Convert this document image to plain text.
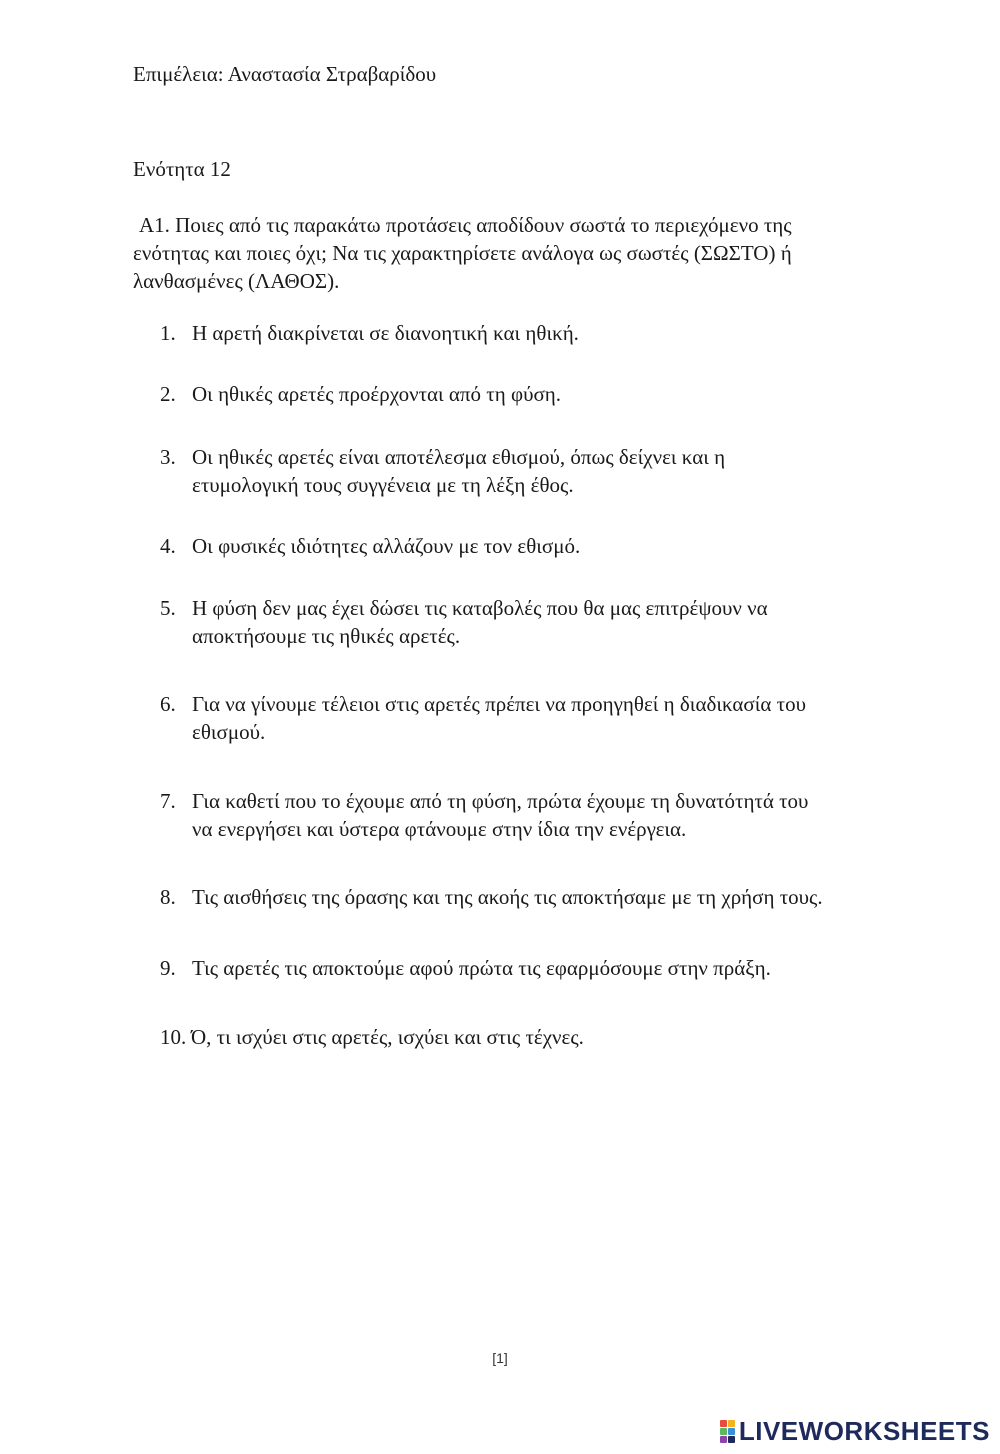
Επιμέλεια: Αναστασία Στραβαρίδου
Ενότητα 12

Α1. Ποιες από τις παρακάτω προτάσεις αποδίδουν σωστά το περιεχόμενο της

ενότητας και ποιες όχι; Να τις χαρακτηρίσετε ανάλογα ως σωστές (ΣΩΣΤΟ) ή

λανθασμένες (ΛΑΘΟΣ).

1. Η αρετή διακρίνεται σε διανοητική και ηθική.

2. Οι ηθικές αρετές προέρχονται από τη φύση.

3. Οι ηθικές αρετές είναι αποτέλεσμα εθισμού, όπως δείχνει και η

ετυμολογική τους συγγένεια με τη λέξη έθος.

4. Οι φυσικές ιδιότητες αλλάζουν με τον εθισμό.

5. Η φύση δεν μας έχει δώσει τις καταβολές που θα μας επιτρέψουν να

αποκτήσουμε τις ηθικές αρετές.

6. Για να γίνουμε τέλειοι στις αρετές πρέπει να προηγηθεί η διαδικασία του

εθισμού.

7. Για καθετί που το έχουμε από τη φύση, πρώτα έχουμε τη δυνατότητά του

να ενεργήσει και ύστερα φτάνουμε στην ίδια την ενέργεια.

8. Τις αισθήσεις της όρασης και της ακοής τις αποκτήσαμε με τη χρήση τους.

9. Τις αρετές τις αποκτούμε αφού πρώτα τις εφαρμόσουμε στην πράξη.

10. Ό, τι ισχύει στις αρετές, ισχύει και στις τέχνες.

[1]
LIVEWORKSHEETS
